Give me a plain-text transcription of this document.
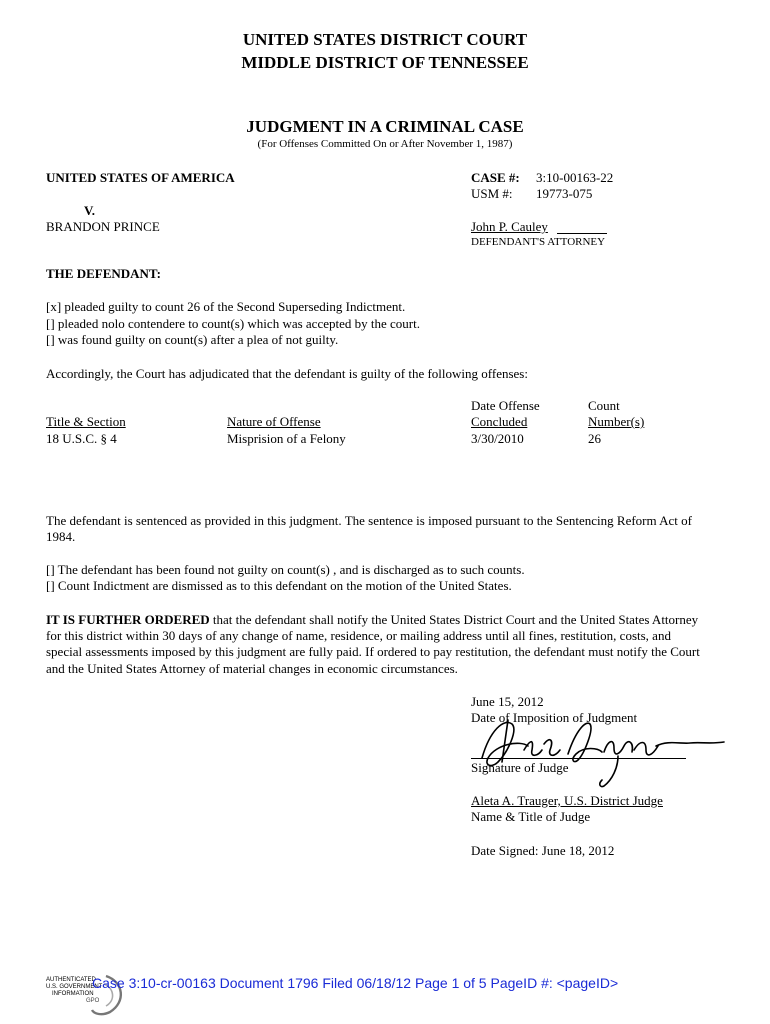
UNITED STATES DISTRICT COURT
MIDDLE DISTRICT OF TENNESSEE
JUDGMENT IN A CRIMINAL CASE
(For Offenses Committed On or After November 1, 1987)
UNITED STATES OF AMERICA
V.
BRANDON PRINCE
CASE #: 3:10-00163-22
USM #: 19773-075
John P. Cauley
DEFENDANT'S ATTORNEY
THE DEFENDANT:
[x] pleaded guilty to count 26 of the Second Superseding Indictment.
[] pleaded nolo contendere to count(s) which was accepted by the court.
[] was found guilty on count(s) after a plea of not guilty.
Accordingly, the Court has adjudicated that the defendant is guilty of the following offenses:
Date Offense	Count
Title & Section	Nature of Offense	Concluded	Number(s)
18 U.S.C. § 4	Misprision of a Felony	3/30/2010	26
The defendant is sentenced as provided in this judgment. The sentence is imposed pursuant to the Sentencing Reform Act of
1984.
[] The defendant has been found not guilty on count(s) , and is discharged as to such counts.
[] Count Indictment are dismissed as to this defendant on the motion of the United States.
IT IS FURTHER ORDERED that the defendant shall notify the United States District Court and the United States Attorney
for this district within 30 days of any change of name, residence, or mailing address until all fines, restitution, costs, and
special assessments imposed by this judgment are fully paid. If ordered to pay restitution, the defendant must notify the Court
and the United States Attorney of material changes in economic circumstances.
June 15, 2012
Date of Imposition of Judgment
Signature of Judge
Aleta A. Trauger, U.S. District Judge
Name & Title of Judge
Date Signed: June 18, 2012
AUTHENTICATED
U.S. GOVERNMENT
INFORMATION
GPO
Case 3:10-cr-00163 Document 1796 Filed 06/18/12 Page 1 of 5 PageID #: <pageID>
